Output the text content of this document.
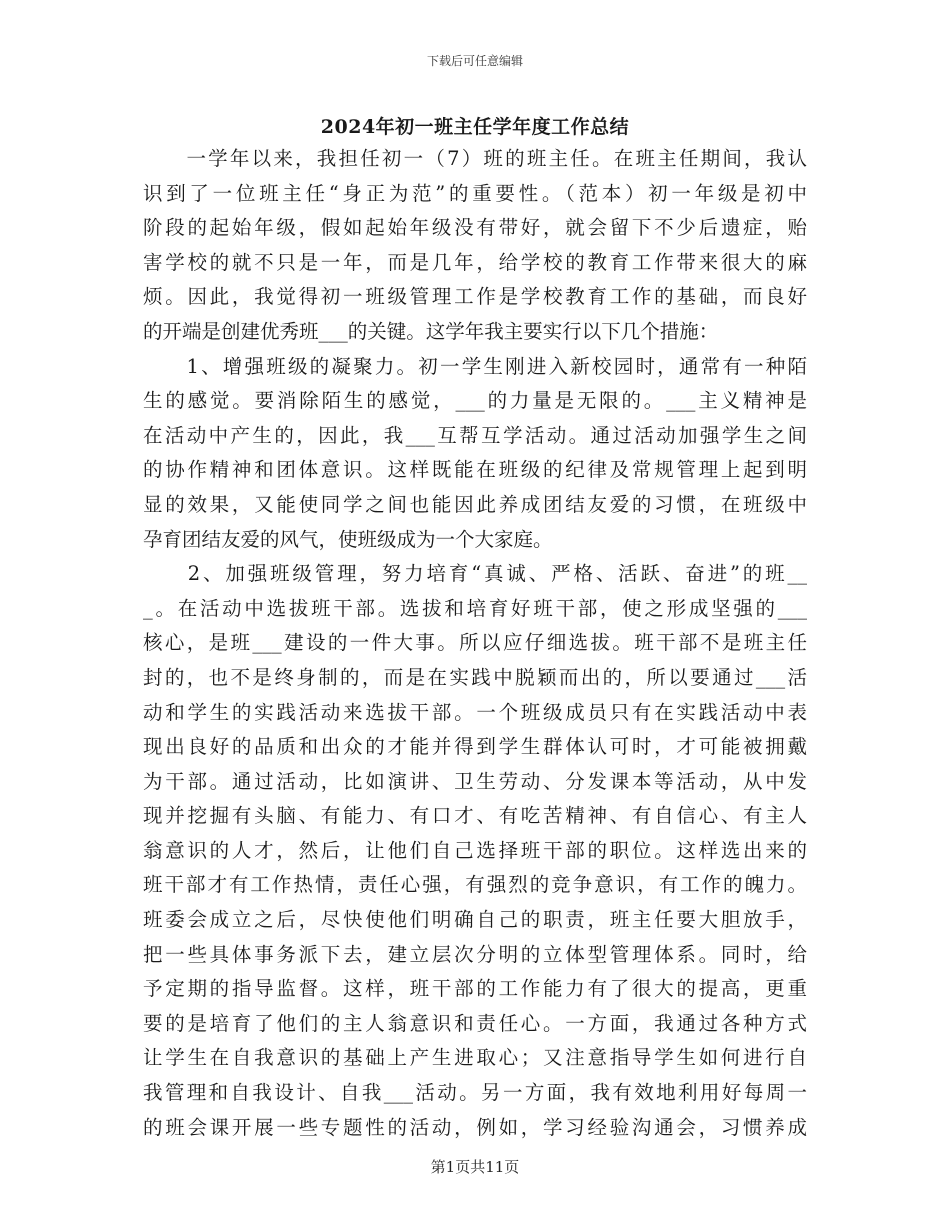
下载后可任意编辑
2024年初一班主任学年度工作总结
　　一学年以来，我担任初一（7）班的班主任。在班主任期间，我认
识到了一位班主任“身正为范”的重要性。（范本）初一年级是初中
阶段的起始年级，假如起始年级没有带好，就会留下不少后遗症，贻
害学校的就不只是一年，而是几年，给学校的教育工作带来很大的麻
烦。因此，我觉得初一班级管理工作是学校教育工作的基础，而良好
的开端是创建优秀班___的关键。这学年我主要实行以下几个措施：
　　1、增强班级的凝聚力。初一学生刚进入新校园时，通常有一种陌
生的感觉。要消除陌生的感觉，___的力量是无限的。___主义精神是
在活动中产生的，因此，我___互帮互学活动。通过活动加强学生之间
的协作精神和团体意识。这样既能在班级的纪律及常规管理上起到明
显的效果，又能使同学之间也能因此养成团结友爱的习惯，在班级中
孕育团结友爱的风气，使班级成为一个大家庭。
　　2、加强班级管理，努力培育“真诚、严格、活跃、奋进”的班__
_。在活动中选拔班干部。选拔和培育好班干部，使之形成坚强的___
核心，是班___建设的一件大事。所以应仔细选拔。班干部不是班主任
封的，也不是终身制的，而是在实践中脱颖而出的，所以要通过___活
动和学生的实践活动来选拔干部。一个班级成员只有在实践活动中表
现出良好的品质和出众的才能并得到学生群体认可时，才可能被拥戴
为干部。通过活动，比如演讲、卫生劳动、分发课本等活动，从中发
现并挖掘有头脑、有能力、有口才、有吃苦精神、有自信心、有主人
翁意识的人才，然后，让他们自己选择班干部的职位。这样选出来的
班干部才有工作热情，责任心强，有强烈的竞争意识，有工作的魄力。
班委会成立之后，尽快使他们明确自己的职责，班主任要大胆放手，
把一些具体事务派下去，建立层次分明的立体型管理体系。同时，给
予定期的指导监督。这样，班干部的工作能力有了很大的提高，更重
要的是培育了他们的主人翁意识和责任心。一方面，我通过各种方式
让学生在自我意识的基础上产生进取心；又注意指导学生如何进行自
我管理和自我设计、自我___活动。另一方面，我有效地利用好每周一
的班会课开展一些专题性的活动，例如，学习经验沟通会，习惯养成
第1页共11页
